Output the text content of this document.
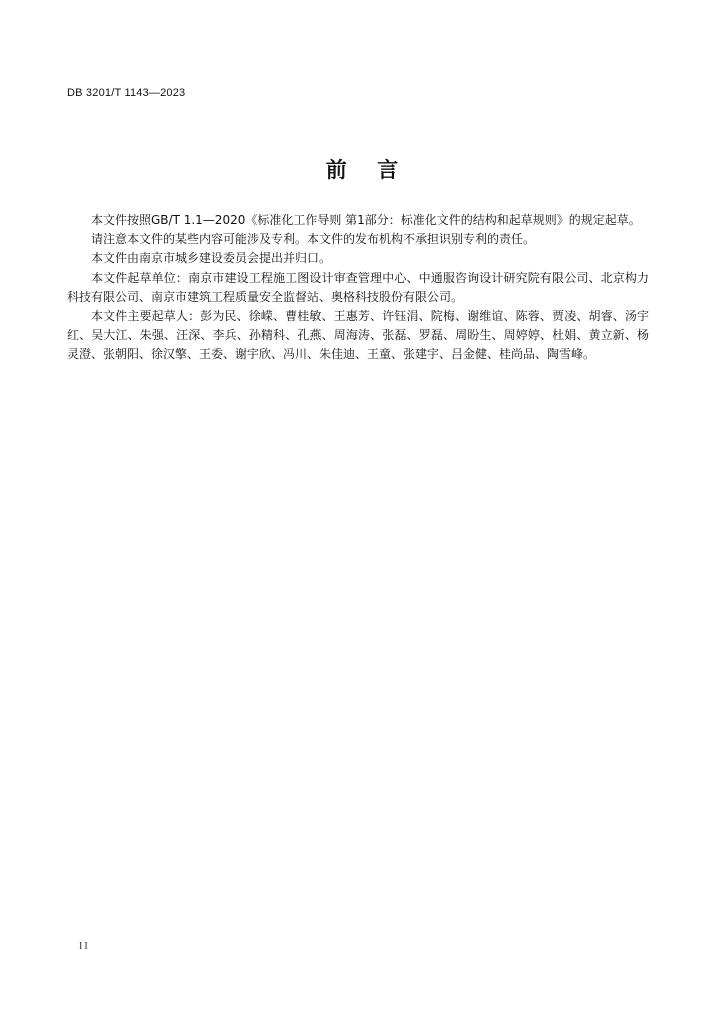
DB 3201/T 1143—2023
前 言

本文件按照GB/T 1.1—2020《标准化工作导则 第1部分：标准化文件的结构和起草规则》的规定起草。

请注意本文件的某些内容可能涉及专利。本文件的发布机构不承担识别专利的责任。

本文件由南京市城乡建设委员会提出并归口。

本文件起草单位：南京市建设工程施工图设计审查管理中心、中通服咨询设计研究院有限公司、北京构力科技有限公司、南京市建筑工程质量安全监督站、奥格科技股份有限公司。

本文件主要起草人：彭为民、徐嵘、曹桂敏、王惠芳、许钰涓、院梅、谢维谊、陈蓉、贾凌、胡睿、汤宇红、吴大江、朱强、汪深、李兵、孙精科、孔燕、周海涛、张磊、罗磊、周盼生、周婷婷、杜娟、黄立新、杨灵澄、张朝阳、徐汉擎、王委、谢宇欣、冯川、朱佳迪、王童、张建宇、吕金健、桂尚品、陶雪峰。

II
